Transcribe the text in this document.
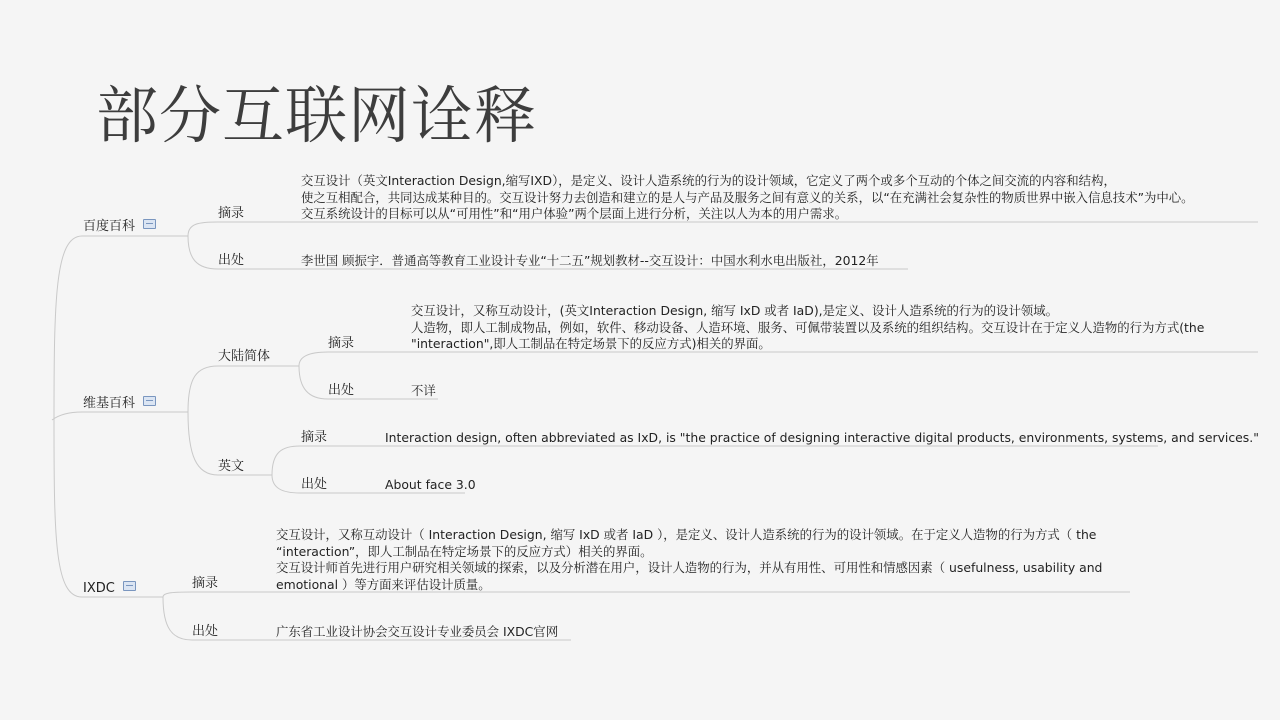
部分互联网诠释
百度百科
摘录
交互设计（英文Interaction Design,缩写IXD），是定义、设计人造系统的行为的设计领域，它定义了两个或多个互动的个体之间交流的内容和结构，
使之互相配合，共同达成某种目的。交互设计努力去创造和建立的是人与产品及服务之间有意义的关系，以“在充满社会复杂性的物质世界中嵌入信息技术”为中心。
交互系统设计的目标可以从“可用性”和“用户体验”两个层面上进行分析，关注以人为本的用户需求。
出处	李世国 顾振宇．普通高等教育工业设计专业“十二五”规划教材--交互设计：中国水利水电出版社，2012年
维基百科
大陆简体
摘录
交互设计，又称互动设计，(英文Interaction Design, 缩写 IxD 或者 IaD),是定义、设计人造系统的行为的设计领域。
人造物，即人工制成物品，例如，软件、移动设备、人造环境、服务、可佩带装置以及系统的组织结构。交互设计在于定义人造物的行为方式(the
"interaction",即人工制品在特定场景下的反应方式)相关的界面。
出处	不详
英文
摘录	Interaction design, often abbreviated as IxD, is "the practice of designing interactive digital products, environments, systems, and services."
出处	About face 3.0
IXDC	摘录
交互设计，又称互动设计（ Interaction Design, 缩写 IxD 或者 IaD ），是定义、设计人造系统的行为的设计领域。在于定义人造物的行为方式（ the
“interaction”，即人工制品在特定场景下的反应方式）相关的界面。
交互设计师首先进行用户研究相关领域的探索，以及分析潜在用户，设计人造物的行为，并从有用性、可用性和情感因素（ usefulness, usability and
emotional ）等方面来评估设计质量。
出处	广东省工业设计协会交互设计专业委员会 IXDC官网
